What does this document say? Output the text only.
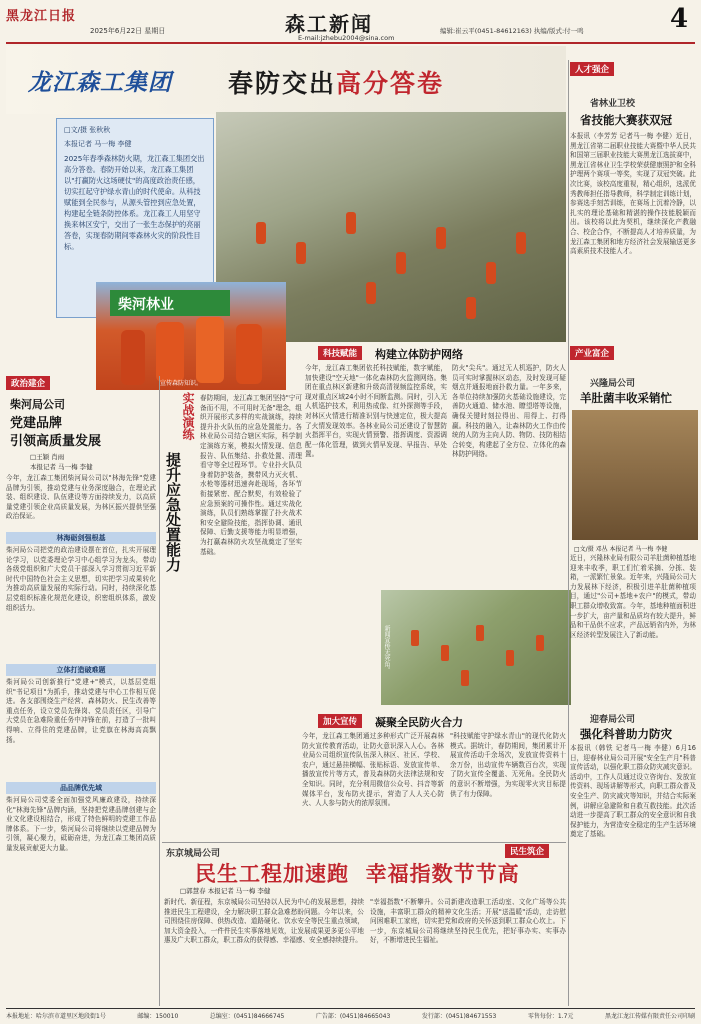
黑龙江日报
2025年6月22日 星期日	森工新闻
E-mail:jzhebu2004@sina.com
编辑:崔云平(0451-84612163) 执编/版式:付一鸣	4
龙江森工集团 春防交出高分答卷
□文/摄 张秋秋
本报记者 马一梅 李健
2025年春季森林防火期，龙江森工集团交出高分答卷。春防开始以来，龙江森工集团以"打赢防火这场硬仗"的高度政治责任感，切实扛起守护绿水青山的时代使命。从科技赋能到全民参与，从源头管控到应急处置，构建起全链条防控体系。龙江森工人用坚守换来林区安宁，交出了一张生态保护的亮丽答卷，实现春防期间零森林火灾的阶段性目标。
柴河林业
宣传森防知识。
政治建企
柴河局公司
党建品牌
引领高质量发展
□王颖 肖雨
本报记者 马一梅 李健
今年，龙江森工集团柴河局公司以"林海先锋"党建品牌为引领，推动党建与业务深度融合，在理论武装、组织建设、队伍建设等方面持续发力，以高质量党建引领企业高质量发展，为林区振兴提供坚强政治保证。
林海砺剑强根基
柴河局公司把党的政治建设摆在首位，扎实开展理论学习，以党委理论学习中心组学习为龙头，带动各级党组织和广大党员干部深入学习贯彻习近平新时代中国特色社会主义思想，切实把学习成果转化为推动高质量发展的实际行动。同时，持续深化基层党组织标准化规范化建设，织密组织体系，激发组织活力。
立体打造破难题
柴河局公司创新推行"党建+"模式，以基层党组织"书记项目"为抓手，推动党建与中心工作相互促进。各支部围绕生产经营、森林防火、民生改善等重点任务，设立党员先锋岗、党员责任区，引导广大党员在急难险重任务中冲锋在前，打造了一批叫得响、立得住的党建品牌，让党旗在林海高高飘扬。
品品牌优先域
柴河局公司党委全面加强党风廉政建设，持续深化"林海先锋"品牌内涵，坚持把党建品牌创建与企业文化建设相结合，形成了特色鲜明的党建工作品牌体系。下一步，柴河局公司将继续以党建品牌为引领，凝心聚力，砥砺奋进，为龙江森工集团高质量发展贡献更大力量。
实战演练
提升应急处置能力
春防期间，龙江森工集团坚持"宁可备而不用，不可用时无备"理念，组织开展形式多样的实战演练，持续提升扑火队伍的应急处置能力。各林业局公司结合辖区实际，科学制定演练方案，模拟火情发现、信息报告、队伍集结、扑救处置、清理看守等全过程环节。专业扑火队员身着防护装备，携带风力灭火机、水枪等器材迅速奔赴现场，各环节衔接紧密、配合默契，有效检验了应急预案的可操作性。通过实战化演练，队员们熟练掌握了扑火战术和安全避险技能，指挥协调、通讯保障、后勤支援等能力明显增强，为打赢森林防火攻坚战奠定了坚实基础。
科技赋能	构建立体防护网络
今年，龙江森工集团依托科技赋能，数字赋能，加快建设"空天地"一体化森林防火监测网络。集团在重点林区新建和升级高清视频监控系统，实现对重点区域24小时不间断监测。同时，引入无人机巡护技术，利用热成像、红外探测等手段，对林区火情进行精准识别与快速定位，极大提高了火情发现效率。各林业局公司还建设了智慧防火指挥平台，实现火情预警、指挥调度、资源调配一体化管理，做到火情早发现、早报告、早处置。
防火"尖兵"。通过无人机巡护，防火人员可实时掌握林区动态，及时发现可疑烟点并通报地面扑救力量。一年多来，各单位持续加强防火基础设施建设，完善防火通道、储水池、瞭望塔等设施，确保关键时刻拉得出、用得上、打得赢。科技的融入，让森林防火工作由传统的人防为主向人防、物防、技防相结合转变，构建起了全方位、立体化的森林防护网络。
新闻宣传无死角。
加大宣传	凝聚全民防火合力
今年，龙江森工集团通过多种形式广泛开展森林防火宣传教育活动，让防火意识深入人心。各林业局公司组织宣传队伍深入林区、社区、学校、农户，通过悬挂横幅、张贴标语、发放宣传单、播放宣传片等方式，普及森林防火法律法规和安全知识。同时，充分利用微信公众号、抖音等新媒体平台，发布防火提示，营造了人人关心防火、人人参与防火的浓厚氛围。
"科技赋能守护绿水青山"的现代化防火模式。据统计，春防期间，集团累计开展宣传活动千余场次，发放宣传资料十余万份，出动宣传车辆数百台次，实现了防火宣传全覆盖、无死角。全民防火的意识不断增强，为实现零火灾目标提供了有力保障。
民生筑企
东京城局公司
民生工程加速跑 幸福指数节节高
□郭慧春 本报记者 马一梅 李健
新时代、新征程，东京城局公司坚持以人民为中心的发展思想，持续推进民生工程建设，全力解决职工群众急难愁盼问题。今年以来，公司围绕住房保障、供热改造、道路硬化、饮水安全等民生重点领域，加大资金投入，一件件民生实事落地见效，让发展成果更多更公平地惠及广大职工群众，职工群众的获得感、幸福感、安全感持续提升。
"幸福指数"不断攀升。公司新建改造职工活动室、文化广场等公共设施，丰富职工群众的精神文化生活；开展"送温暖"活动，走访慰问困难职工家庭，切实把党和政府的关怀送到职工群众心坎上。下一步，东京城局公司将继续坚持民生优先，把好事办实、实事办好，不断增进民生福祉。
人才强企
省林业卫校
省技能大赛获双冠
本报讯（李芳芳 记者马一梅 李健）近日，黑龙江省第二届职业技能大赛暨中华人民共和国第三届职业技能大赛黑龙江选拔赛中，黑龙江省林业卫生学校荣获健康照护和全科护理两个赛项一等奖，实现了双冠突破。此次比赛，该校高度重视，精心组织，选派优秀教师担任指导教师，科学制定训练计划，参赛选手刻苦训练，在赛场上沉着冷静，以扎实的理论基础和精湛的操作技能脱颖而出。该校将以此为契机，继续深化产教融合、校企合作，不断提高人才培养质量，为龙江森工集团和地方经济社会发展输送更多高素质技术技能人才。
产业富企
兴隆局公司
羊肚菌丰收采销忙
□文/摄 邓丛 本报记者 马一梅 李健
近日，兴隆林业局有限公司羊肚菌种植基地迎来丰收季，职工们忙着采摘、分拣、装箱，一派繁忙景象。近年来，兴隆局公司大力发展林下经济，积极引进羊肚菌种植项目，通过"公司+基地+农户"的模式，带动职工群众增收致富。今年，基地种植面积进一步扩大，亩产量和品质均有较大提升，鲜品和干品供不应求，产品远销省内外，为林区经济转型发展注入了新动能。
迎春局公司
强化科普助力防灾
本报讯（韩铁 记者马一梅 李健）6月16日，迎春林业局公司开展"安全生产月"科普宣传活动，以强化职工群众防灾减灾意识。活动中，工作人员通过设立咨询台、发放宣传资料、现场讲解等形式，向职工群众普及安全生产、防灾减灾等知识，并结合实际案例，讲解应急避险和自救互救技能。此次活动进一步提高了职工群众的安全意识和自我保护能力，为营造安全稳定的生产生活环境奠定了基础。
本报地址：哈尔滨市道里区地段街1号	邮编：150010	总编室：(0451)84666745	广告部：(0451)84665043	发行部：(0451)84671553	零售每份：1.7元	黑龙江龙江传媒有限责任公司印刷
